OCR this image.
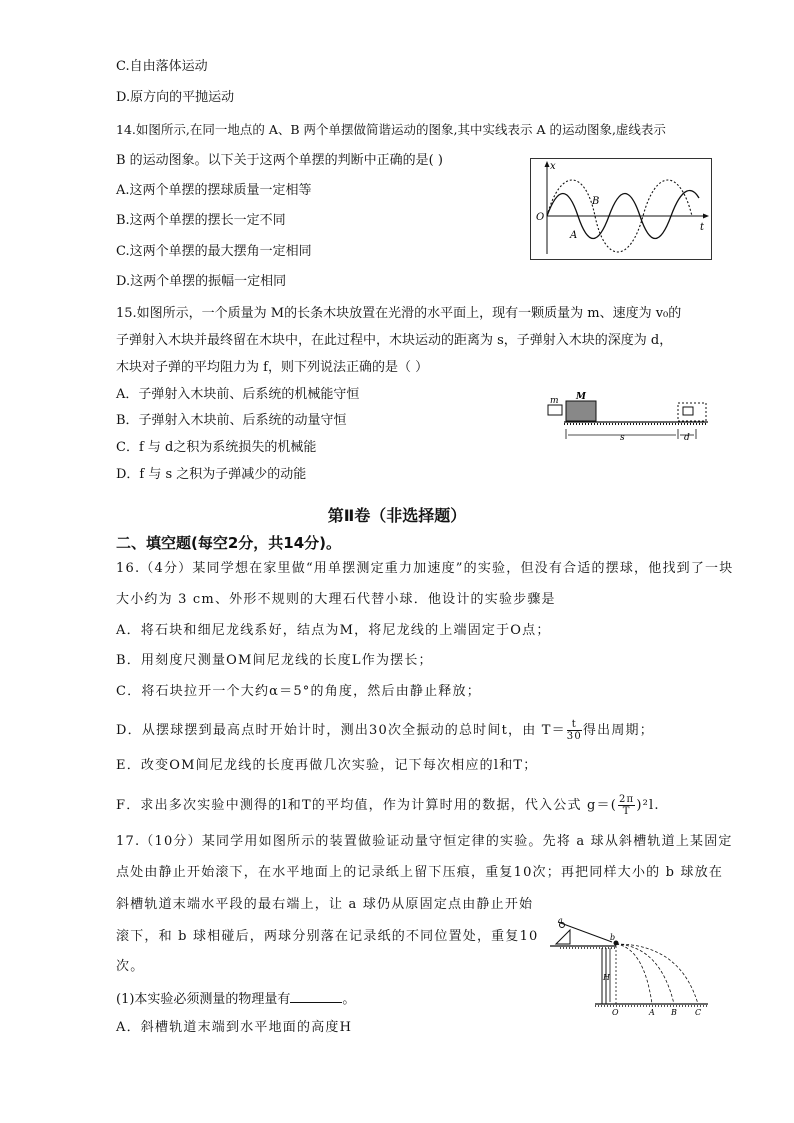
C.自由落体运动
D.原方向的平抛运动
14.如图所示,在同一地点的 A、B 两个单摆做简谐运动的图象,其中实线表示 A 的运动图象,虚线表示
B 的运动图象。以下关于这两个单摆的判断中正确的是( )
A.这两个单摆的摆球质量一定相等
B.这两个单摆的摆长一定不同
C.这两个单摆的最大摆角一定相同
D.这两个单摆的振幅一定相同
x
O
t
A
B
15.如图所示，一个质量为 M的长条木块放置在光滑的水平面上，现有一颗质量为 m、速度为 v₀的
子弹射入木块并最终留在木块中，在此过程中，木块运动的距离为 s，子弹射入木块的深度为 d，
木块对子弹的平均阻力为 f，则下列说法正确的是（ ）
A．子弹射入木块前、后系统的机械能守恒
B．子弹射入木块前、后系统的动量守恒
C．f 与 d之积为系统损失的机械能
D．f 与 s 之积为子弹减少的动能
m M
s	d
第Ⅱ卷（非选择题）
二、填空题(每空2分，共14分)。
16.（4分）某同学想在家里做“用单摆测定重力加速度”的实验，但没有合适的摆球，他找到了一块
大小约为 3 cm、外形不规则的大理石代替小球．他设计的实验步骤是
A．将石块和细尼龙线系好，结点为M，将尼龙线的上端固定于O点；
B．用刻度尺测量OM间尼龙线的长度L作为摆长；
C．将石块拉开一个大约α＝5°的角度，然后由静止释放；
D．从摆球摆到最高点时开始计时，测出30次全振动的总时间t，由 $T= \frac{t}{30}$ 得出周期；
E．改变OM间尼龙线的长度再做几次实验，记下每次相应的l和T；
F．求出多次实验中测得的l和T的平均值，作为计算时用的数据，代入公式 $g=( \frac{2\pi}{T} )^2l$.
17.（10分）某同学用如图所示的装置做验证动量守恒定律的实验。先将 a 球从斜槽轨道上某固定
点处由静止开始滚下，在水平地面上的记录纸上留下压痕，重复10次；再把同样大小的 b 球放在
斜槽轨道末端水平段的最右端上，让 a 球仍从原固定点由静止开始
滚下，和 b 球相碰后，两球分别落在记录纸的不同位置处，重复10
次。
(1)本实验必须测量的物理量有	。
A．斜槽轨道末端到水平地面的高度H
a
b
H
O	A B C
